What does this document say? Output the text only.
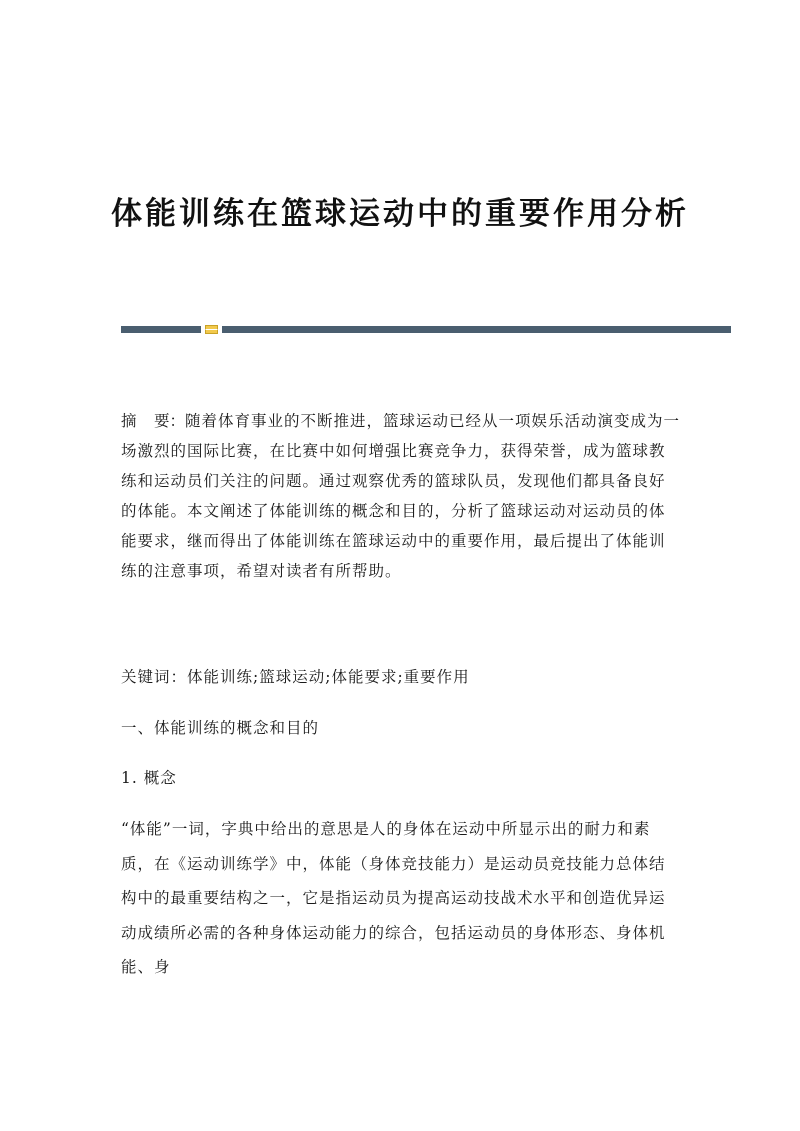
体能训练在篮球运动中的重要作用分析
摘 要： 随着体育事业的不断推进，篮球运动已经从一项娱乐活动演变成为一场激烈的国际比赛，在比赛中如何增强比赛竞争力，获得荣誉，成为篮球教练和运动员们关注的问题。通过观察优秀的篮球队员，发现他们都具备良好的体能。本文阐述了体能训练的概念和目的，分析了篮球运动对运动员的体能要求，继而得出了体能训练在篮球运动中的重要作用，最后提出了体能训练的注意事项，希望对读者有所帮助。
关键词：体能训练;篮球运动;体能要求;重要作用
一、体能训练的概念和目的
1. 概念
“体能”一词，字典中给出的意思是人的身体在运动中所显示出的耐力和素质，在《运动训练学》中，体能（身体竞技能力）是运动员竞技能力总体结构中的最重要结构之一，它是指运动员为提高运动技战术水平和创造优异运动成绩所必需的各种身体运动能力的综合，包括运动员的身体形态、身体机能、身
